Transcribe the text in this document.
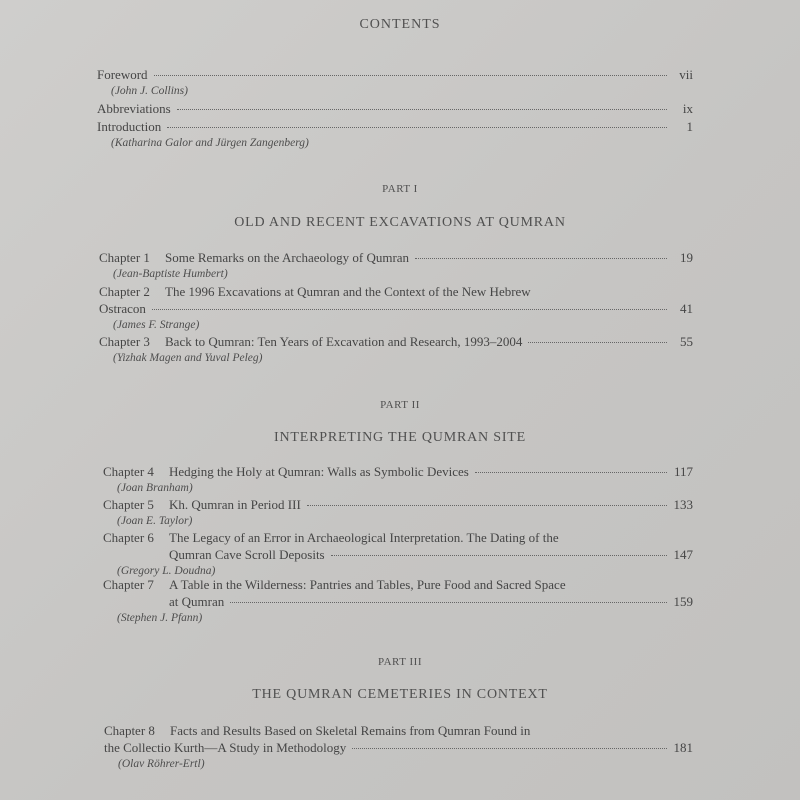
CONTENTS
Foreword	vii
(John J. Collins)
Abbreviations	ix
Introduction	1
(Katharina Galor and Jürgen Zangenberg)
PART I
OLD AND RECENT EXCAVATIONS AT QUMRAN
Chapter 1 Some Remarks on the Archaeology of Qumran	19
(Jean-Baptiste Humbert)
Chapter 2 The 1996 Excavations at Qumran and the Context of the New Hebrew
Ostracon	41
(James F. Strange)
Chapter 3 Back to Qumran: Ten Years of Excavation and Research, 1993–2004	55
(Yizhak Magen and Yuval Peleg)
PART II
INTERPRETING THE QUMRAN SITE
Chapter 4 Hedging the Holy at Qumran: Walls as Symbolic Devices	117
(Joan Branham)
Chapter 5 Kh. Qumran in Period III	133
(Joan E. Taylor)
Chapter 6 The Legacy of an Error in Archaeological Interpretation. The Dating of the
Qumran Cave Scroll Deposits	147
(Gregory L. Doudna)
Chapter 7 A Table in the Wilderness: Pantries and Tables, Pure Food and Sacred Space
at Qumran	159
(Stephen J. Pfann)
PART III
THE QUMRAN CEMETERIES IN CONTEXT
Chapter 8 Facts and Results Based on Skeletal Remains from Qumran Found in
the Collectio Kurth—A Study in Methodology	181
(Olav Röhrer-Ertl)
